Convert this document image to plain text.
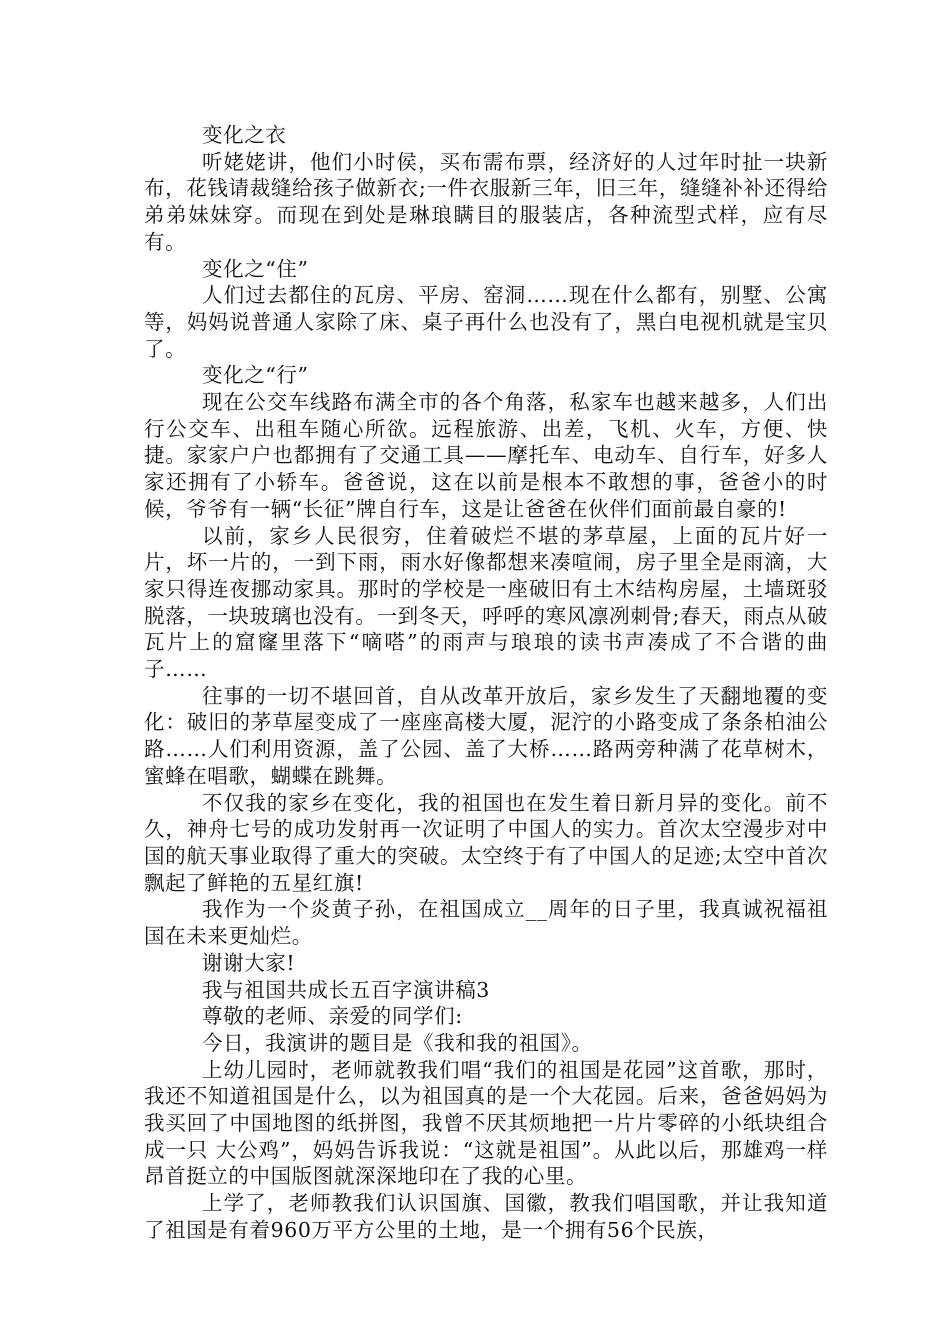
变化之衣

听姥姥讲，他们小时侯，买布需布票，经济好的人过年时扯一块新布，花钱请裁缝给孩子做新衣;一件衣服新三年，旧三年，缝缝补补还得给弟弟妹妹穿。而现在到处是琳琅瞒目的服装店，各种流型式样，应有尽有。

变化之“住”

人们过去都住的瓦房、平房、窑洞……现在什么都有，别墅、公寓等，妈妈说普通人家除了床、桌子再什么也没有了，黑白电视机就是宝贝了。

变化之“行”

现在公交车线路布满全市的各个角落，私家车也越来越多，人们出行公交车、出租车随心所欲。远程旅游、出差，飞机、火车，方便、快捷。家家户户也都拥有了交通工具——摩托车、电动车、自行车，好多人家还拥有了小轿车。爸爸说，这在以前是根本不敢想的事，爸爸小的时候，爷爷有一辆“长征”牌自行车，这是让爸爸在伙伴们面前最自豪的!

以前，家乡人民很穷，住着破烂不堪的茅草屋，上面的瓦片好一片，坏一片的，一到下雨，雨水好像都想来凑喧闹，房子里全是雨滴，大家只得连夜挪动家具。那时的学校是一座破旧有土木结构房屋，土墙斑驳脱落，一块玻璃也没有。一到冬天，呼呼的寒风凛冽刺骨;春天，雨点从破瓦片上的窟窿里落下“嘀嗒”的雨声与琅琅的读书声凑成了不合谐的曲子……

往事的一切不堪回首，自从改革开放后，家乡发生了天翻地覆的变化：破旧的茅草屋变成了一座座高楼大厦，泥泞的小路变成了条条柏油公路……人们利用资源，盖了公园、盖了大桥……路两旁种满了花草树木，蜜蜂在唱歌，蝴蝶在跳舞。

不仅我的家乡在变化，我的祖国也在发生着日新月异的变化。前不久，神舟七号的成功发射再一次证明了中国人的实力。首次太空漫步对中国的航天事业取得了重大的突破。太空终于有了中国人的足迹;太空中首次飘起了鲜艳的五星红旗!

我作为一个炎黄子孙，在祖国成立__周年的日子里，我真诚祝福祖国在未来更灿烂。

谢谢大家!

我与祖国共成长五百字演讲稿3

尊敬的老师、亲爱的同学们:

今日，我演讲的题目是《我和我的祖国》。

上幼儿园时，老师就教我们唱“我们的祖国是花园”这首歌，那时，我还不知道祖国是什么，以为祖国真的是一个大花园。后来，爸爸妈妈为我买回了中国地图的纸拼图，我曾不厌其烦地把一片片零碎的小纸块组合成一只 大公鸡”，妈妈告诉我说：“这就是祖国”。从此以后，那雄鸡一样昂首挺立的中国版图就深深地印在了我的心里。

上学了，老师教我们认识国旗、国徽，教我们唱国歌，并让我知道了祖国是有着960万平方公里的土地，是一个拥有56个民族，
